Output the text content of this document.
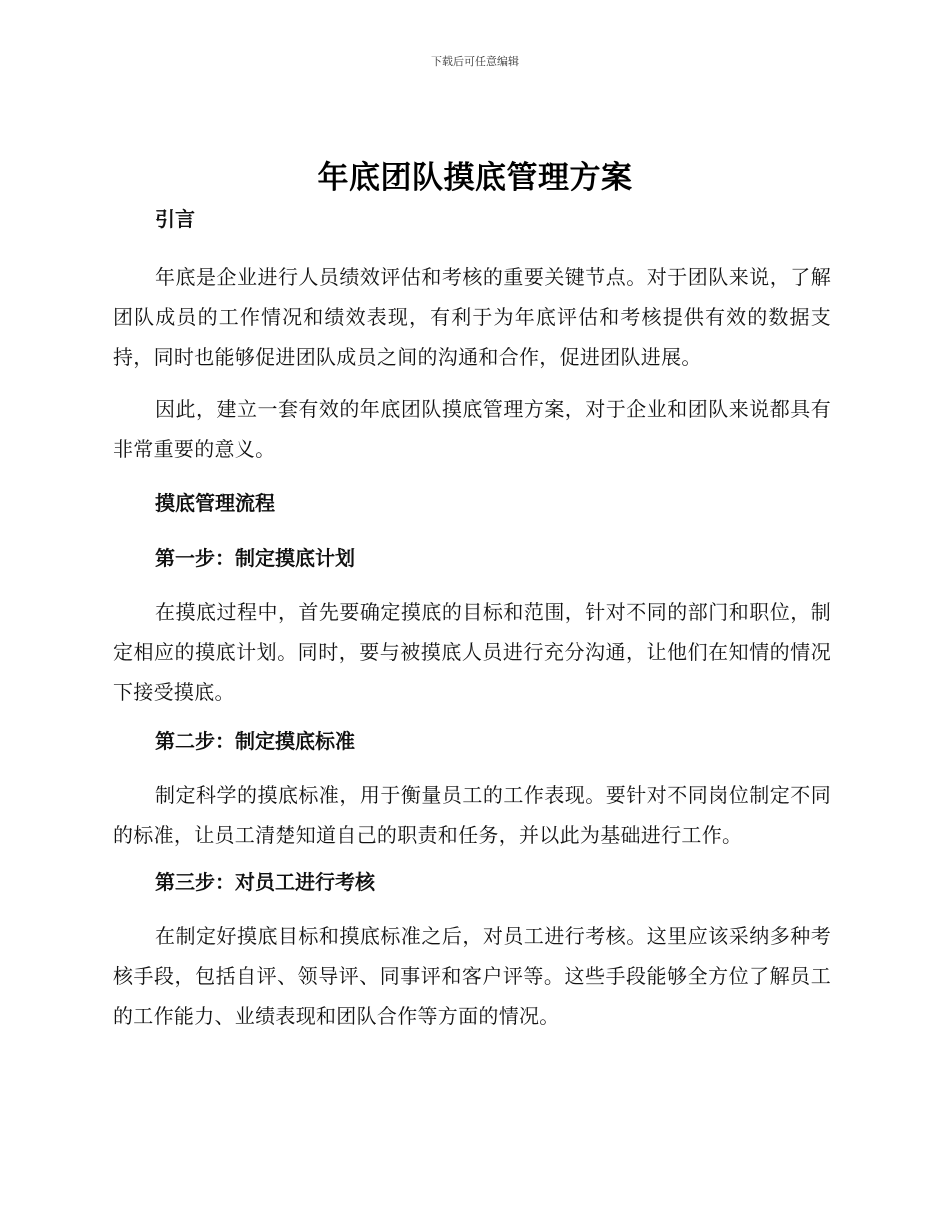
下载后可任意编辑
年底团队摸底管理方案

引言

年底是企业进行人员绩效评估和考核的重要关键节点。对于团队来说，了解团队成员的工作情况和绩效表现，有利于为年底评估和考核提供有效的数据支持，同时也能够促进团队成员之间的沟通和合作，促进团队进展。

因此，建立一套有效的年底团队摸底管理方案，对于企业和团队来说都具有非常重要的意义。

摸底管理流程

第一步：制定摸底计划

在摸底过程中，首先要确定摸底的目标和范围，针对不同的部门和职位，制定相应的摸底计划。同时，要与被摸底人员进行充分沟通，让他们在知情的情况下接受摸底。

第二步：制定摸底标准

制定科学的摸底标准，用于衡量员工的工作表现。要针对不同岗位制定不同的标准，让员工清楚知道自己的职责和任务，并以此为基础进行工作。

第三步：对员工进行考核

在制定好摸底目标和摸底标准之后，对员工进行考核。这里应该采纳多种考核手段，包括自评、领导评、同事评和客户评等。这些手段能够全方位了解员工的工作能力、业绩表现和团队合作等方面的情况。
